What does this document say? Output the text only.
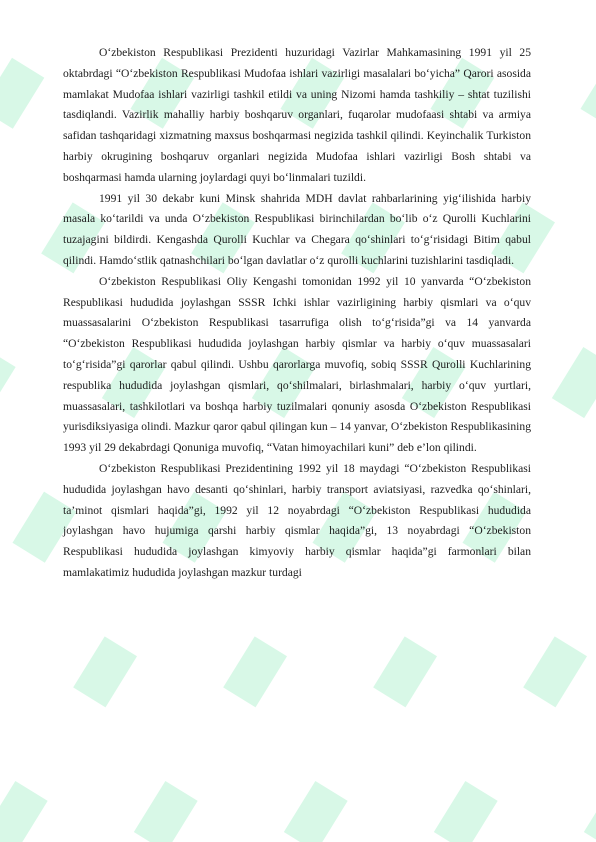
O‘zbekiston Respublikasi Prezidenti huzuridagi Vazirlar Mahkamasining 1991 yil 25 oktabrdagi “O‘zbekiston Respublikasi Mudofaa ishlari vazirligi masalalari bo‘yicha” Qarori asosida mamlakat Mudofaa ishlari vazirligi tashkil etildi va uning Nizomi hamda tashkiliy – shtat tuzilishi tasdiqlandi. Vazirlik mahalliy harbiy boshqaruv organlari, fuqarolar mudofaasi shtabi va armiya safidan tashqaridagi xizmatning maxsus boshqarmasi negizida tashkil qilindi. Keyinchalik Turkiston harbiy okrugining boshqaruv organlari negizida Mudofaa ishlari vazirligi Bosh shtabi va boshqarmasi hamda ularning joylardagi quyi bo‘linmalari tuzildi.

1991 yil 30 dekabr kuni Minsk shahrida MDH davlat rahbarlarining yig‘ilishida harbiy masala ko‘tarildi va unda O‘zbekiston Respublikasi birinchilardan bo‘lib o‘z Qurolli Kuchlarini tuzajagini bildirdi. Kengashda Qurolli Kuchlar va Chegara qo‘shinlari to‘g‘risidagi Bitim qabul qilindi. Hamdo‘stlik qatnashchilari bo‘lgan davlatlar o‘z qurolli kuchlarini tuzishlarini tasdiqladi.

O‘zbekiston Respublikasi Oliy Kengashi tomonidan 1992 yil 10 yanvarda “O‘zbekiston Respublikasi hududida joylashgan SSSR Ichki ishlar vazirligining harbiy qismlari va o‘quv muassasalarini O‘zbekiston Respublikasi tasarrufiga olish to‘g‘risida”gi va 14 yanvarda “O‘zbekiston Respublikasi hududida joylashgan harbiy qismlar va harbiy o‘quv muassasalari to‘g‘risida”gi qarorlar qabul qilindi. Ushbu qarorlarga muvofiq, sobiq SSSR Qurolli Kuchlarining respublika hududida joylashgan qismlari, qo‘shilmalari, birlashmalari, harbiy o‘quv yurtlari, muassasalari, tashkilotlari va boshqa harbiy tuzilmalari qonuniy asosda O‘zbekiston Respublikasi yurisdiksiyasiga olindi. Mazkur qaror qabul qilingan kun – 14 yanvar, O‘zbekiston Respublikasining 1993 yil 29 dekabrdagi Qonuniga muvofiq, “Vatan himoyachilari kuni” deb e’lon qilindi.

O‘zbekiston Respublikasi Prezidentining 1992 yil 18 maydagi “O‘zbekiston Respublikasi hududida joylashgan havo desanti qo‘shinlari, harbiy transport aviatsiyasi, razvedka qo‘shinlari, ta’minot qismlari haqida”gi, 1992 yil 12 noyabrdagi “O‘zbekiston Respublikasi hududida joylashgan havo hujumiga qarshi harbiy qismlar haqida”gi, 13 noyabrdagi “O‘zbekiston Respublikasi hududida joylashgan kimyoviy harbiy qismlar haqida”gi farmonlari bilan mamlakatimiz hududida joylashgan mazkur turdagi
